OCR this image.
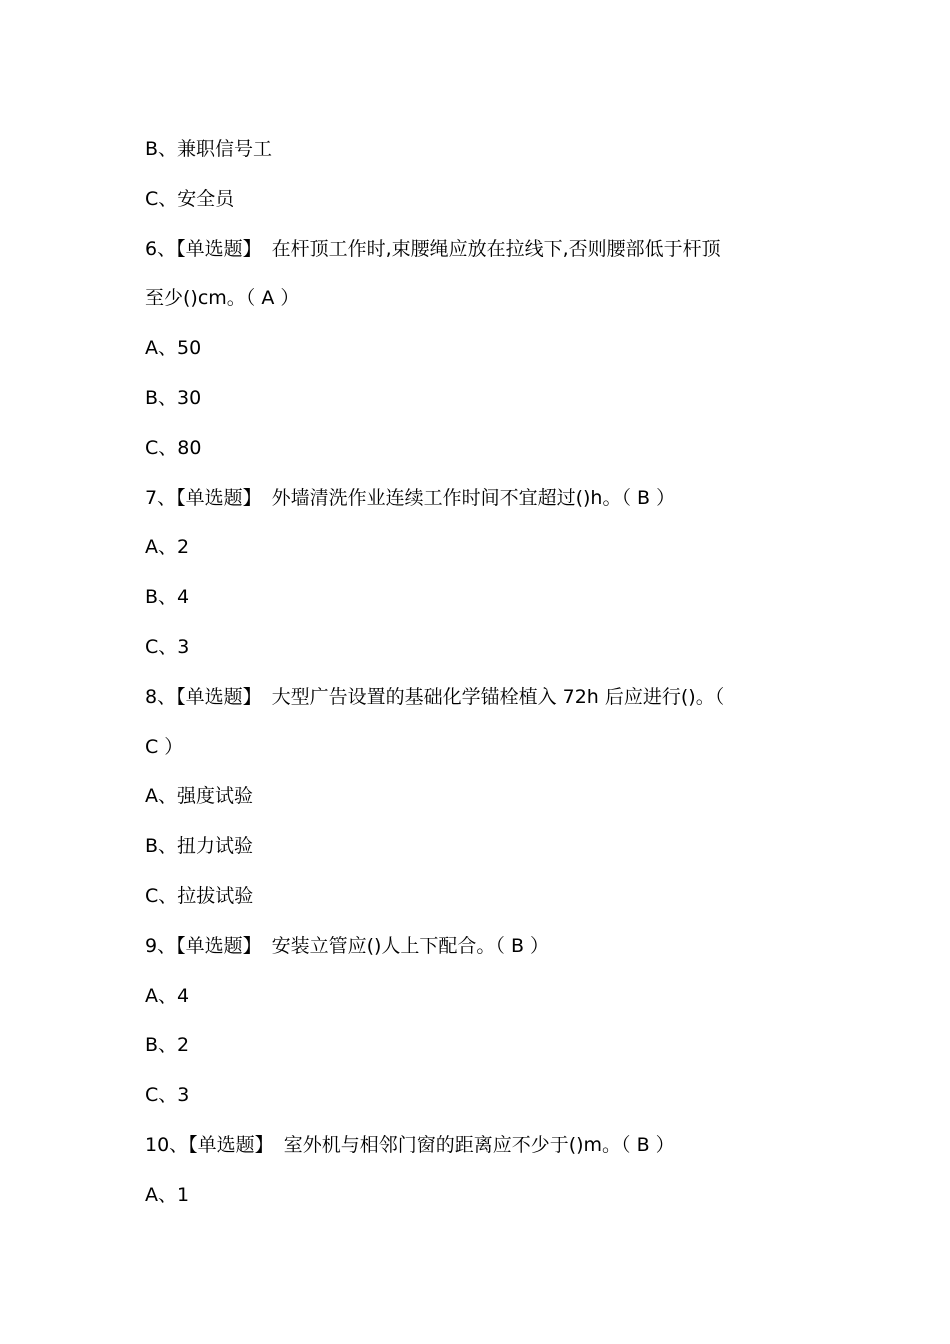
B、兼职信号工
C、安全员
6、【单选题】 在杆顶工作时,束腰绳应放在拉线下,否则腰部低于杆顶
至少()cm。（ A ）
A、50
B、30
C、80
7、【单选题】 外墙清洗作业连续工作时间不宜超过()h。（ B ）
A、2
B、4
C、3
8、【单选题】 大型广告设置的基础化学锚栓植入 72h 后应进行()。（
C ）
A、强度试验
B、扭力试验
C、拉拔试验
9、【单选题】 安装立管应()人上下配合。（ B ）
A、4
B、2
C、3
10、【单选题】 室外机与相邻门窗的距离应不少于()m。（ B ）
A、1
